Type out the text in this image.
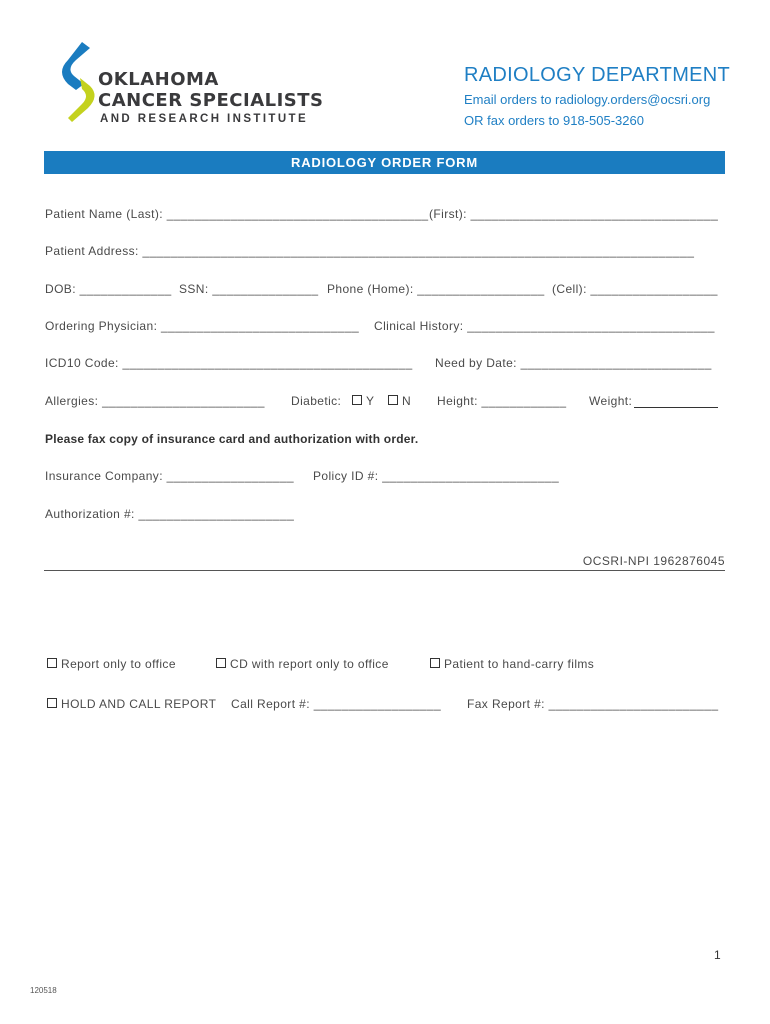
OKLAHOMA
CANCER SPECIALISTS
AND RESEARCH INSTITUTE
RADIOLOGY DEPARTMENT
Email orders to radiology.orders@ocsri.org
OR fax orders to 918-505-3260
RADIOLOGY ORDER FORM
Patient Name (Last): _____________________________________ (First): ___________________________________
Patient Address: ______________________________________________________________________________
DOB: _____________ SSN: _______________ Phone (Home): __________________ (Cell): __________________
Ordering Physician: ____________________________ Clinical History: ___________________________________
ICD10 Code: _________________________________________ Need by Date: ___________________________
Allergies: _______________________ Diabetic:	Y	N Height: ____________ Weight:
Please fax copy of insurance card and authorization with order.
Insurance Company: __________________ Policy ID #: _________________________
Authorization #: ______________________
OCSRI-NPI 1962876045
Report only to office	CD with report only to office	Patient to hand-carry films
HOLD AND CALL REPORT Call Report #: __________________ Fax Report #: ________________________
1
120518
